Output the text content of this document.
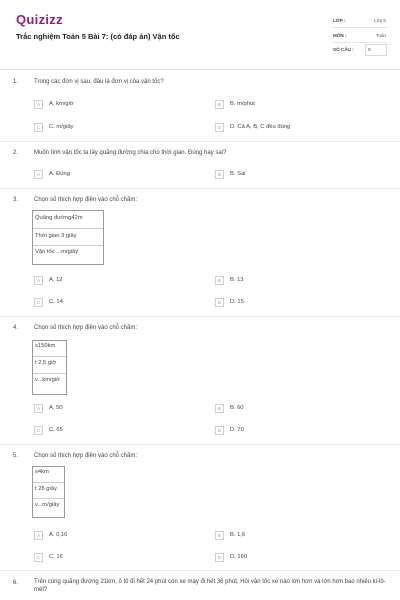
Quizizz
Trắc nghiệm Toán 5 Bài 7: (có đáp án) Vận tốc
LỚP :	Lớp 5
MÔN :	Toán
SỐ CÂU :	9
1.	Trong các đơn vị sau, đâu là đơn vị của vận tốc?
A	A. km/giờ	B	B. m/phút
C	C. m/giây	D	D. Cả A, B, C đều đúng
2.	Muốn tính vận tốc ta lấy quãng đường chia cho thời gian. Đúng hay sai?
A	A. Đúng	B	B. Sai
3.	Chọn số thích hợp điền vào chỗ chấm:
Quãng đường42m
Thời gian 3 giây
Vận tốc ...m/giây
A	A. 12	B	B. 13
C	C. 14	D	D. 15
4.	Chọn số thích hợp điền vào chỗ chấm:
s150km
t 2,5 giờ
v...km/giờ
A	A. 50	B	B. 60
C	C. 65	D	D. 70
5.	Chọn số thích hợp điền vào chỗ chấm:
s4km
t 25 giây
v...m/giây
A	A. 0,16	B	B. 1,6
C	C. 16	D	D. 160
6.	Trên cùng quãng đường 21km, ô tô đi hết 24 phút còn xe máy đi hết 36 phút. Hỏi vận tốc xe nào lớn hơn và lớn hơn bao nhiêu ki-lô-mét?
